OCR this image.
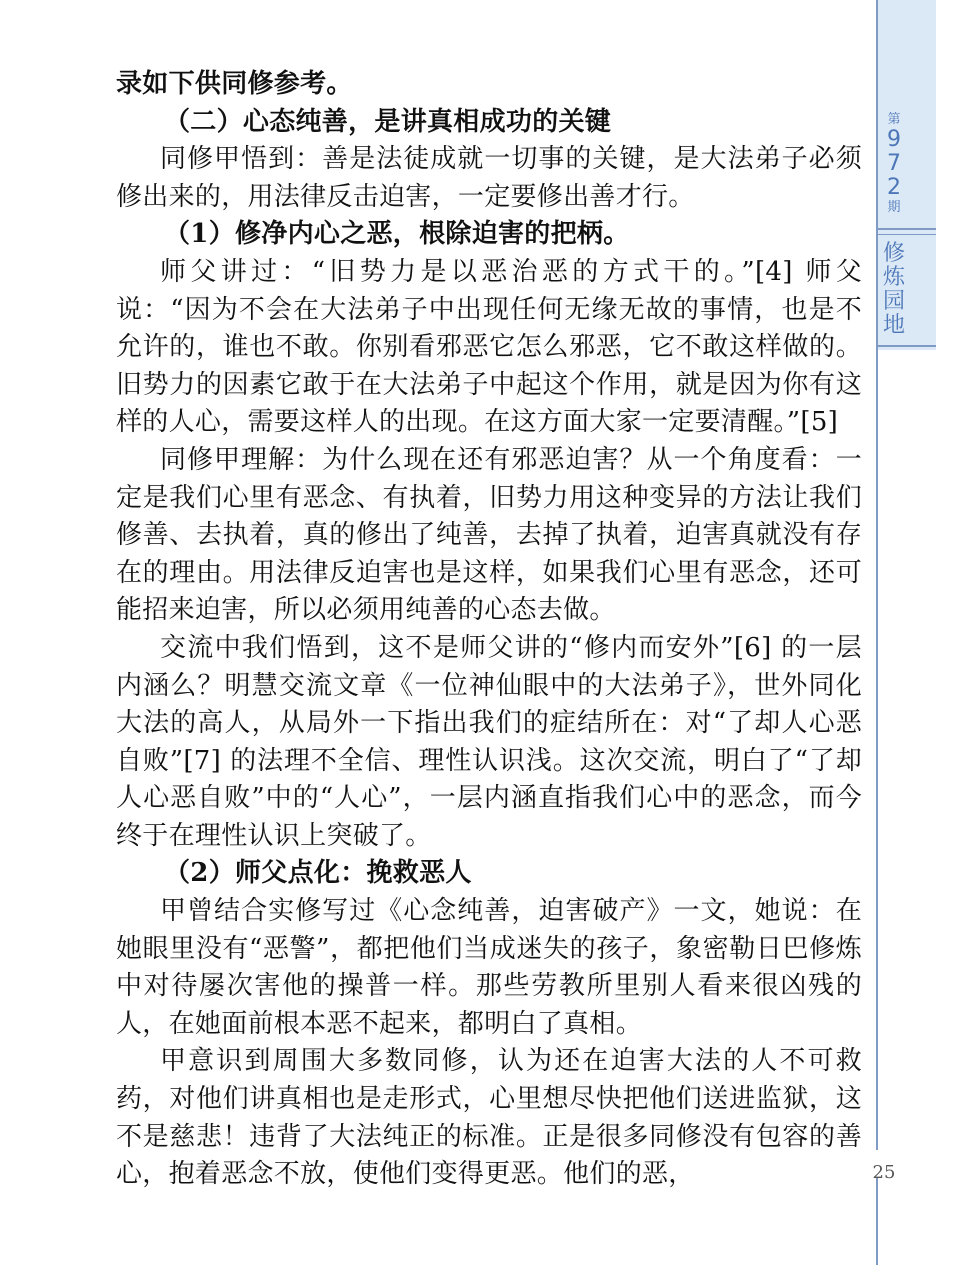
第
9
7
2
期
修
炼
园
地
25

录如下供同修参考。

（二）心态纯善，是讲真相成功的关键

同修甲悟到：善是法徒成就一切事的关键，是大法弟子必须修出来的，用法律反击迫害，一定要修出善才行。

（1）修净内心之恶，根除迫害的把柄。

师父讲过：“旧势力是以恶治恶的方式干的。”[4] 师父说：“因为不会在大法弟子中出现任何无缘无故的事情，也是不允许的，谁也不敢。你别看邪恶它怎么邪恶，它不敢这样做的。旧势力的因素它敢于在大法弟子中起这个作用，就是因为你有这样的人心，需要这样人的出现。在这方面大家一定要清醒。”[5]

同修甲理解：为什么现在还有邪恶迫害？从一个角度看：一定是我们心里有恶念、有执着，旧势力用这种变异的方法让我们修善、去执着，真的修出了纯善，去掉了执着，迫害真就没有存在的理由。用法律反迫害也是这样，如果我们心里有恶念，还可能招来迫害，所以必须用纯善的心态去做。

交流中我们悟到，这不是师父讲的“修内而安外”[6] 的一层内涵么？明慧交流文章《一位神仙眼中的大法弟子》，世外同化大法的高人，从局外一下指出我们的症结所在：对“了却人心恶自败”[7] 的法理不全信、理性认识浅。这次交流，明白了“了却人心恶自败”中的“人心”，一层内涵直指我们心中的恶念，而今终于在理性认识上突破了。

（2）师父点化：挽救恶人

甲曾结合实修写过《心念纯善，迫害破产》一文，她说：在她眼里没有“恶警”，都把他们当成迷失的孩子，象密勒日巴修炼中对待屡次害他的操普一样。那些劳教所里别人看来很凶残的人，在她面前根本恶不起来，都明白了真相。

甲意识到周围大多数同修，认为还在迫害大法的人不可救药，对他们讲真相也是走形式，心里想尽快把他们送进监狱，这不是慈悲！违背了大法纯正的标准。正是很多同修没有包容的善心，抱着恶念不放，使他们变得更恶。他们的恶，
